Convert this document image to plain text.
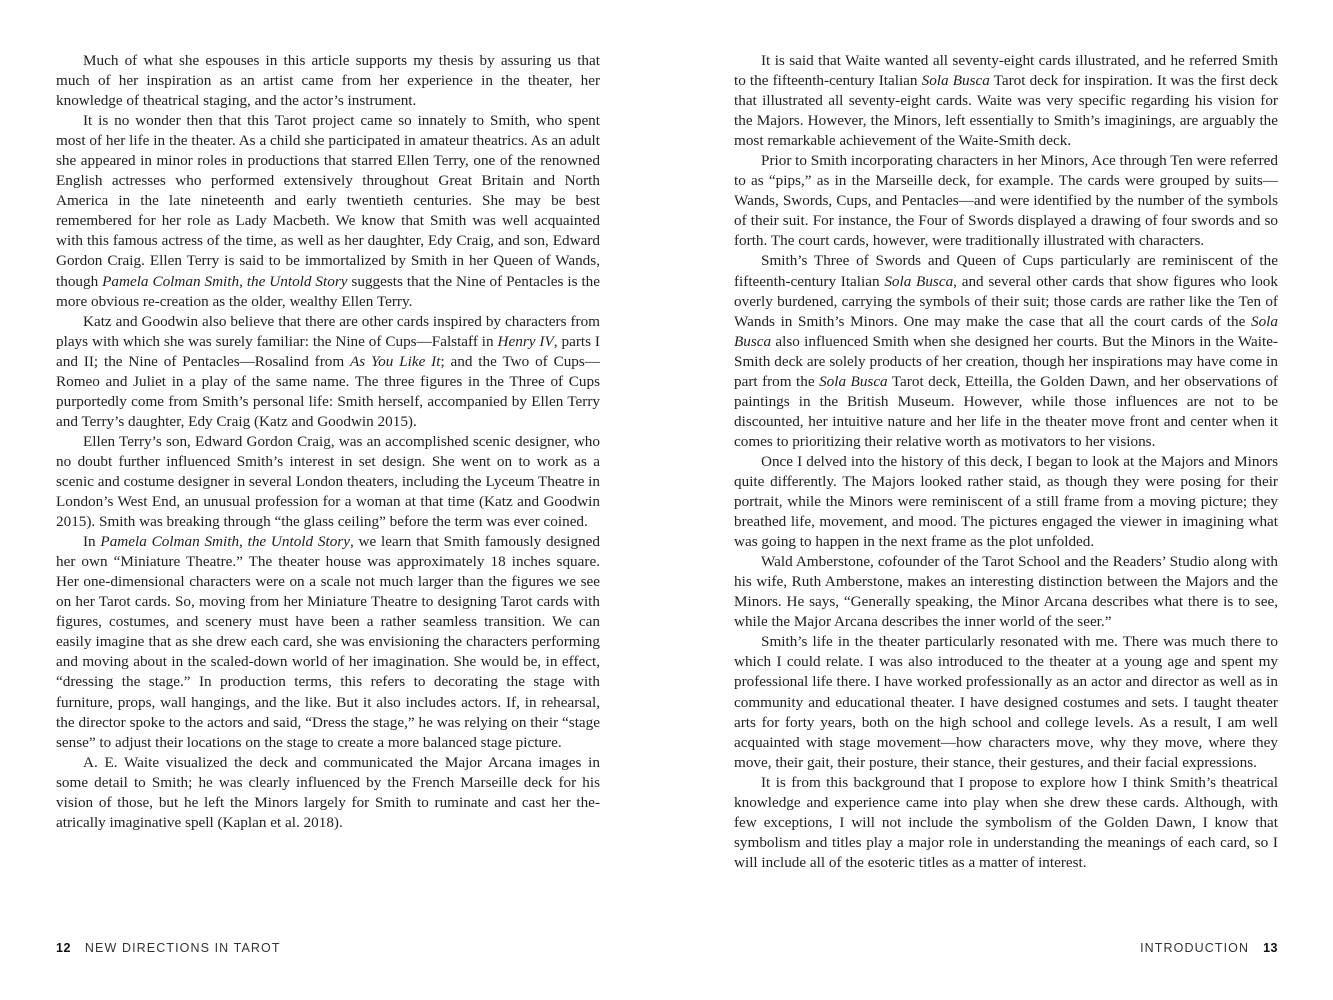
Much of what she espouses in this article supports my thesis by assuring us that much of her inspiration as an artist came from her experience in the theater, her knowledge of theatrical staging, and the actor’s instrument.

It is no wonder then that this Tarot project came so innately to Smith, who spent most of her life in the theater. As a child she participated in amateur theatrics. As an adult she appeared in minor roles in productions that starred Ellen Terry, one of the renowned English actresses who performed extensively throughout Great Britain and North America in the late nineteenth and early twentieth centuries. She may be best remembered for her role as Lady Macbeth. We know that Smith was well acquainted with this famous actress of the time, as well as her daughter, Edy Craig, and son, Edward Gordon Craig. Ellen Terry is said to be immortalized by Smith in her Queen of Wands, though Pamela Colman Smith, the Untold Story suggests that the Nine of Pentacles is the more obvious re-creation as the older, wealthy Ellen Terry.

Katz and Goodwin also believe that there are other cards inspired by characters from plays with which she was surely familiar: the Nine of Cups—Falstaff in Henry IV, parts I and II; the Nine of Pentacles—Rosalind from As You Like It; and the Two of Cups—Romeo and Juliet in a play of the same name. The three figures in the Three of Cups purportedly come from Smith’s personal life: Smith herself, accompanied by Ellen Terry and Terry’s daughter, Edy Craig (Katz and Goodwin 2015).

Ellen Terry’s son, Edward Gordon Craig, was an accomplished scenic designer, who no doubt further influenced Smith’s interest in set design. She went on to work as a scenic and costume designer in several London theaters, including the Lyceum Theatre in London’s West End, an unusual profession for a woman at that time (Katz and Goodwin 2015). Smith was breaking through “the glass ceiling” before the term was ever coined.

In Pamela Colman Smith, the Untold Story, we learn that Smith famously designed her own “Miniature Theatre.” The theater house was approximately 18 inches square. Her one-dimensional characters were on a scale not much larger than the figures we see on her Tarot cards. So, moving from her Miniature Theatre to designing Tarot cards with figures, costumes, and scenery must have been a rather seamless transition. We can easily imagine that as she drew each card, she was envisioning the characters performing and moving about in the scaled-down world of her imagination. She would be, in effect, “dressing the stage.” In production terms, this refers to decorating the stage with furniture, props, wall hangings, and the like. But it also includes actors. If, in rehearsal, the director spoke to the actors and said, “Dress the stage,” he was relying on their “stage sense” to adjust their locations on the stage to create a more balanced stage picture.

A. E. Waite visualized the deck and communicated the Major Arcana images in some detail to Smith; he was clearly influenced by the French Marseille deck for his vision of those, but he left the Minors largely for Smith to ruminate and cast her theatrically imaginative spell (Kaplan et al. 2018).

12 NEW DIRECTIONS IN TAROT

It is said that Waite wanted all seventy-eight cards illustrated, and he referred Smith to the fifteenth-century Italian Sola Busca Tarot deck for inspiration. It was the first deck that illustrated all seventy-eight cards. Waite was very specific regarding his vision for the Majors. However, the Minors, left essentially to Smith’s imaginings, are arguably the most remarkable achievement of the Waite-Smith deck.

Prior to Smith incorporating characters in her Minors, Ace through Ten were referred to as “pips,” as in the Marseille deck, for example. The cards were grouped by suits—Wands, Swords, Cups, and Pentacles—and were identified by the number of the symbols of their suit. For instance, the Four of Swords displayed a drawing of four swords and so forth. The court cards, however, were traditionally illustrated with characters.

Smith’s Three of Swords and Queen of Cups particularly are reminiscent of the fifteenth-century Italian Sola Busca, and several other cards that show figures who look overly burdened, carrying the symbols of their suit; those cards are rather like the Ten of Wands in Smith’s Minors. One may make the case that all the court cards of the Sola Busca also influenced Smith when she designed her courts. But the Minors in the Waite-Smith deck are solely products of her creation, though her inspirations may have come in part from the Sola Busca Tarot deck, Etteilla, the Golden Dawn, and her observations of paintings in the British Museum. However, while those influences are not to be discounted, her intuitive nature and her life in the theater move front and center when it comes to prioritizing their relative worth as motivators to her visions.

Once I delved into the history of this deck, I began to look at the Majors and Minors quite differently. The Majors looked rather staid, as though they were posing for their portrait, while the Minors were reminiscent of a still frame from a moving picture; they breathed life, movement, and mood. The pictures engaged the viewer in imagining what was going to happen in the next frame as the plot unfolded.

Wald Amberstone, cofounder of the Tarot School and the Readers’ Studio along with his wife, Ruth Amberstone, makes an interesting distinction between the Majors and the Minors. He says, “Generally speaking, the Minor Arcana describes what there is to see, while the Major Arcana describes the inner world of the seer.”

Smith’s life in the theater particularly resonated with me. There was much there to which I could relate. I was also introduced to the theater at a young age and spent my professional life there. I have worked professionally as an actor and director as well as in community and educational theater. I have designed costumes and sets. I taught theater arts for forty years, both on the high school and college levels. As a result, I am well acquainted with stage movement—how characters move, why they move, where they move, their gait, their posture, their stance, their gestures, and their facial expressions.

It is from this background that I propose to explore how I think Smith’s theatrical knowledge and experience came into play when she drew these cards. Although, with few exceptions, I will not include the symbolism of the Golden Dawn, I know that symbolism and titles play a major role in understanding the meanings of each card, so I will include all of the esoteric titles as a matter of interest.

INTRODUCTION 13
